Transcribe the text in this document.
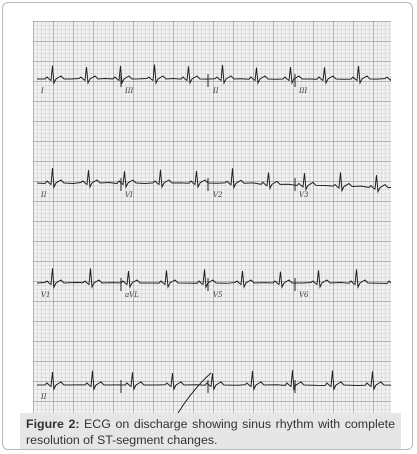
I	III	II	III
II	VI	V2	V3
V1	aVL	V5	V6
II
Figure 2: ECG on discharge showing sinus rhythm with complete resolution of ST-segment changes.
